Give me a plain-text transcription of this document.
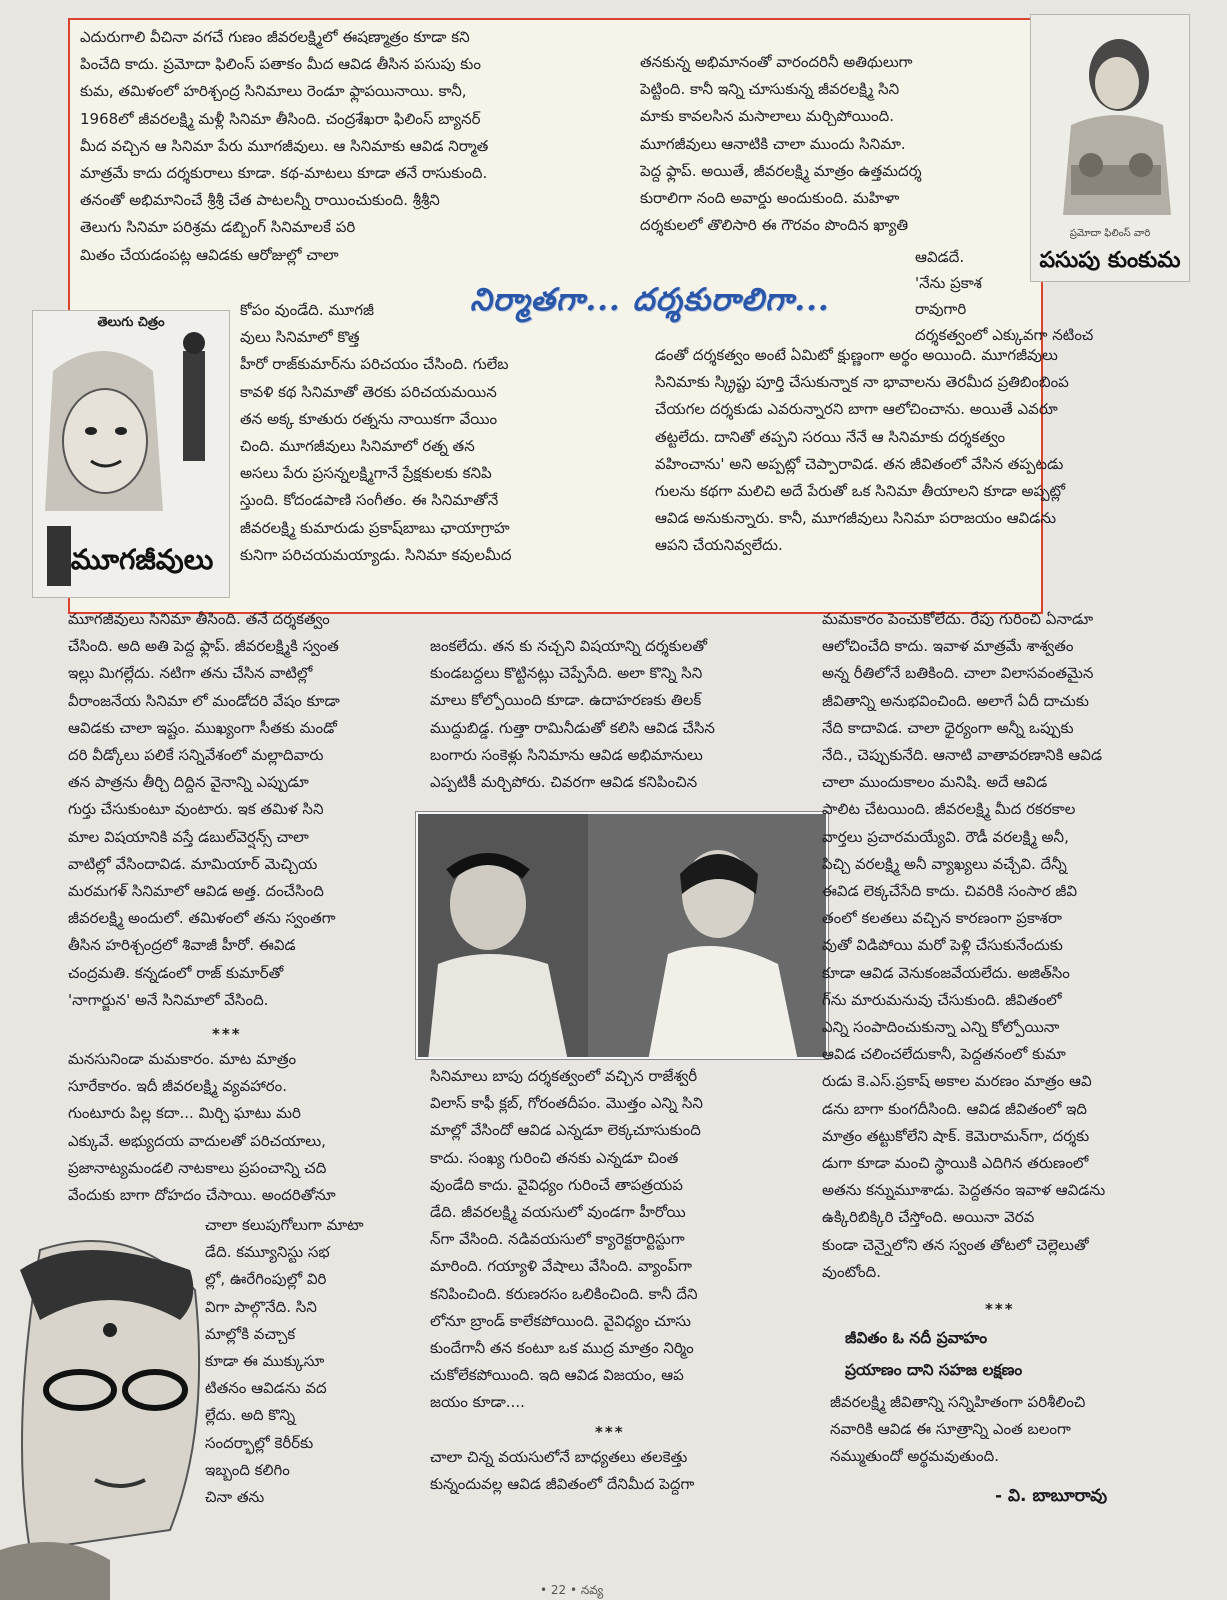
ఎదురుగాలి వీచినా వగచే గుణం జీవరలక్ష్మిలో ఈషణ్మాత్రం కూడా కని
పించేది కాదు. ప్రమోదా ఫిలింస్ పతాకం మీద ఆవిడ తీసిన పసుపు కుం
కుమ, తమిళంలో హరిశ్చంద్ర సినిమాలు రెండూ ఫ్లాపయినాయి. కానీ,
1968లో జీవరలక్ష్మి మళ్లీ సినిమా తీసింది. చంద్రశేఖరా ఫిలింస్ బ్యానర్
మీద వచ్చిన ఆ సినిమా పేరు మూగజీవులు. ఆ సినిమాకు ఆవిడ నిర్మాత
మాత్రమే కాదు దర్శకురాలు కూడా. కథ-మాటలు కూడా తనే రాసుకుంది.
తనంతో అభిమానించే శ్రీశ్రీ చేత పాటలన్నీ రాయించుకుంది. శ్రీశ్రీని
తెలుగు సినిమా పరిశ్రమ డబ్బింగ్ సినిమాలకే పరి
మితం చేయడంపట్ల ఆవిడకు ఆరోజుల్లో చాలా
కోపం వుండేది. మూగజీ
వులు సినిమాలో కొత్త
హీరో రాజ్‌కుమార్‌ను పరిచయం చేసింది. గులేబ
కావళి కథ సినిమాతో తెరకు పరిచయమయిన
తన అక్క కూతురు రత్నను నాయికగా వేయిం
చింది. మూగజీవులు సినిమాలో రత్న తన
అసలు పేరు ప్రసన్నలక్ష్మిగానే ప్రేక్షకులకు కనిపి
స్తుంది. కోదండపాణి సంగీతం. ఈ సినిమాతోనే
జీవరలక్ష్మి కుమారుడు ప్రకాష్‌బాబు ఛాయాగ్రాహ
కునిగా పరిచయమయ్యాడు. సినిమా కవులమీద
తనకున్న అభిమానంతో వారందరినీ అతిథులుగా
పెట్టింది. కానీ ఇన్ని చూసుకున్న జీవరలక్ష్మి సిని
మాకు కావలసిన మసాలాలు మర్చిపోయింది.
మూగజీవులు ఆనాటికి చాలా ముందు సినిమా.
పెద్ద ఫ్లాప్. అయితే, జీవరలక్ష్మి మాత్రం ఉత్తమదర్శ
కురాలిగా నంది అవార్డు అందుకుంది. మహిళా
దర్శకులలో తొలిసారి ఈ గౌరవం పొందిన ఖ్యాతి
ఆవిడదే.
'నేను ప్రకాశ
రావుగారి
దర్శకత్వంలో ఎక్కువగా నటించ
నిర్మాతగా... దర్శకురాలిగా...
డంతో దర్శకత్వం అంటే ఏమిటో క్షుణ్ణంగా అర్థం అయింది. మూగజీవులు
సినిమాకు స్క్రిప్టు పూర్తి చేసుకున్నాక నా భావాలను తెరమీద ప్రతిబింబింప
చేయగల దర్శకుడు ఎవరున్నారని బాగా ఆలోచించాను. అయితే ఎవరూ
తట్టలేదు. దానితో తప్పని సరయి నేనే ఆ సినిమాకు దర్శకత్వం
వహించాను' అని అప్పట్లో చెప్పారావిడ. తన జీవితంలో వేసిన తప్పటడు
గులను కథగా మలిచి అదే పేరుతో ఒక సినిమా తీయాలని కూడా అప్పట్లో
ఆవిడ అనుకున్నారు. కానీ, మూగజీవులు సినిమా పరాజయం ఆవిడను
ఆపని చేయనివ్వలేదు.
ప్రమోదా ఫిలింస్ వారి
పసుపు కుంకుమ
తెలుగు చిత్రం
మూగజీవులు
మూగజీవులు సినిమా తీసింది. తనే దర్శకత్వం
చేసింది. అది అతి పెద్ద ఫ్లాప్. జీవరలక్ష్మికి స్వంత
ఇల్లు మిగల్లేదు. నటిగా తను చేసిన వాటిల్లో
వీరాంజనేయ సినిమా లో మండోదరి వేషం కూడా
ఆవిడకు చాలా ఇష్టం. ముఖ్యంగా సీతకు మండో
దరి వీడ్కోలు పలికే సన్నివేశంలో మల్లాదివారు
తన పాత్రను తీర్చి దిద్దిన వైనాన్ని ఎప్పుడూ
గుర్తు చేసుకుంటూ వుంటారు. ఇక తమిళ సిని
మాల విషయానికి వస్తే డబుల్‌వెర్షన్స్ చాలా
వాటిల్లో వేసిందావిడ. మామియార్ మెచ్చియ
మరమగళ్ సినిమాలో ఆవిడ అత్త. దంచేసింది
జీవరలక్ష్మి అందులో. తమిళంలో తను స్వంతగా
తీసిన హరిశ్చంద్రలో శివాజీ హీరో. ఈవిడ
చంద్రమతి. కన్నడంలో రాజ్ కుమార్‌తో
'నాగార్జున' అనే సినిమాలో వేసింది.
***
మనసునిండా మమకారం. మాట మాత్రం
సూరేకారం. ఇదీ జీవరలక్ష్మి వ్యవహారం.
గుంటూరు పిల్ల కదా... మిర్చి ఘాటు మరి
ఎక్కువే. అభ్యుదయ వాదులతో పరిచయాలు,
ప్రజానాట్యమండలి నాటకాలు ప్రపంచాన్ని చది
వేందుకు బాగా దోహదం చేసాయి. అందరితోనూ
చాలా కలుపుగోలుగా మాటా
డేది. కమ్యూనిస్టు సభ
ల్లో, ఊరేగింపుల్లో విరి
విగా పాల్గొనేది. సిని
మాల్లోకి వచ్చాక
కూడా ఈ ముక్కుసూ
టితనం ఆవిడను వద
ల్లేదు. అది కొన్ని
సందర్భాల్లో కెరీర్‌కు
ఇబ్బంది కలిగిం
చినా తను
జంకలేదు. తన కు నచ్చని విషయాన్ని దర్శకులతో
కుండబద్దలు కొట్టినట్లు చెప్పేసేది. అలా కొన్ని సిని
మాలు కోల్పోయింది కూడా. ఉదాహరణకు తిలక్
ముద్దుబిడ్డ. గుత్తా రామినీడుతో కలిసి ఆవిడ చేసిన
బంగారు సంకెళ్లు సినిమాను ఆవిడ అభిమానులు
ఎప్పటికీ మర్చిపోరు. చివరగా ఆవిడ కనిపించిన
సినిమాలు బాపు దర్శకత్వంలో వచ్చిన రాజేశ్వరీ
విలాస్ కాఫీ క్లబ్, గోరంతదీపం. మొత్తం ఎన్ని సిని
మాల్లో వేసిందో ఆవిడ ఎన్నడూ లెక్కచూసుకుంది
కాదు. సంఖ్య గురించి తనకు ఎన్నడూ చింత
వుండేది కాదు. వైవిధ్యం గురించే తాపత్రయప
డేది. జీవరలక్ష్మి వయసులో వుండగా హీరోయి
న్‌గా వేసింది. నడివయసులో క్యారెక్టరార్టిస్టుగా
మారింది. గయ్యాళి వేషాలు వేసింది. వ్యాంప్‌గా
కనిపించింది. కరుణరసం ఒలికించింది. కానీ దేని
లోనూ బ్రాండ్ కాలేకపోయింది. వైవిధ్యం చూసు
కుందేగానీ తన కంటూ ఒక ముద్ర మాత్రం నిర్మిం
చుకోలేకపోయింది. ఇది ఆవిడ విజయం, ఆప
జయం కూడా....
***
చాలా చిన్న వయసులోనే బాధ్యతలు తలకెత్తు
కున్నందువల్ల ఆవిడ జీవితంలో దేనిమీద పెద్దగా
మమకారం పెంచుకోలేదు. రేపు గురించి ఏనాడూ
ఆలోచించేది కాదు. ఇవాళ మాత్రమే శాశ్వతం
అన్న రీతిలోనే బతికింది. చాలా విలాసవంతమైన
జీవితాన్ని అనుభవించింది. అలాగే ఏదీ దాచుకు
నేది కాదావిడ. చాలా ధైర్యంగా అన్నీ ఒప్పుకు
నేది., చెప్పుకునేది. ఆనాటి వాతావరణానికి ఆవిడ
చాలా ముందుకాలం మనిషి. అదే ఆవిడ
పాలిట చేటయింది. జీవరలక్ష్మి మీద రకరకాల
వార్తలు ప్రచారమయ్యేవి. రౌడీ వరలక్ష్మి అనీ,
పిచ్చి వరలక్ష్మి అనీ వ్యాఖ్యలు వచ్చేవి. దేన్నీ
ఈవిడ లెక్కచేసేది కాదు. చివరికి సంసార జీవి
తంలో కలతలు వచ్చిన కారణంగా ప్రకాశరా
వుతో విడిపోయి మరో పెళ్లి చేసుకునేందుకు
కూడా ఆవిడ వెనుకంజవేయలేదు. అజిత్‌సిం
గ్‌ను మారుమనువు చేసుకుంది. జీవితంలో
ఎన్ని సంపాదించుకున్నా ఎన్ని కోల్పోయినా
ఆవిడ చలించలేదుకానీ, పెద్దతనంలో కుమా
రుడు కె.ఎస్.ప్రకాష్ అకాల మరణం మాత్రం ఆవి
డను బాగా కుంగదీసింది. ఆవిడ జీవితంలో ఇది
మాత్రం తట్టుకోలేని షాక్. కెమెరామన్‌గా, దర్శకు
డుగా కూడా మంచి స్థాయికి ఎదిగిన తరుణంలో
అతను కన్నుమూశాడు. పెద్దతనం ఇవాళ ఆవిడను
ఉక్కిరిబిక్కిరి చేస్తోంది. అయినా వెరవ
కుండా చెన్నైలోని తన స్వంత తోటలో చెల్లెలుతో
వుంటోంది.
***
జీవితం ఓ నదీ ప్రవాహం
ప్రయాణం దాని సహజ లక్షణం
జీవరలక్ష్మి జీవితాన్ని సన్నిహితంగా పరిశీలించి
నవారికి ఆవిడ ఈ సూత్రాన్ని ఎంత బలంగా
నమ్ముతుందో అర్థమవుతుంది.
- వి. బాబూరావు
• 22 • నవ్య
